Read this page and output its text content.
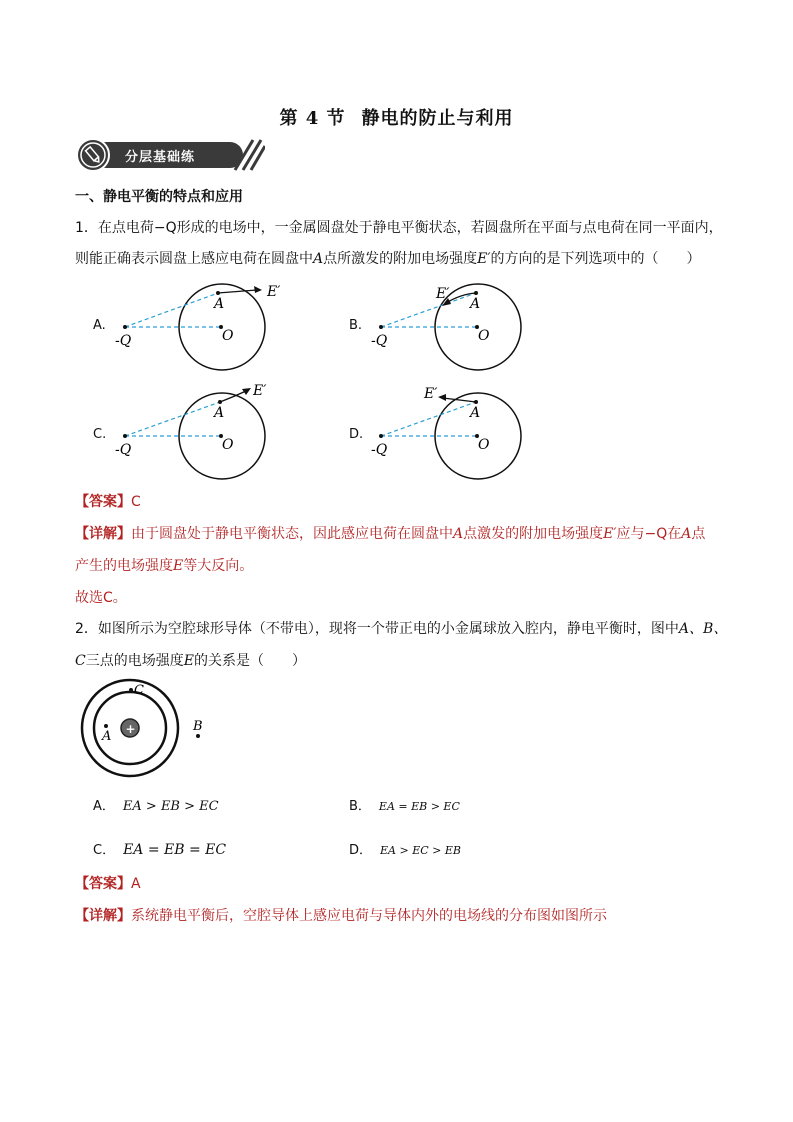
第 4 节 静电的防止与利用
分层基础练
一、静电平衡的特点和应用
1．在点电荷−Q形成的电场中，一金属圆盘处于静电平衡状态，若圆盘所在平面与点电荷在同一平面内，
则能正确表示圆盘上感应电荷在圆盘中A点所激发的附加电场强度E′的方向的是下列选项中的（　　）
A.
-Q
A
O
E′
B.
-Q
A
O
E′
C.
-Q
A
O
E′
D.
-Q
A
O
E′
【答案】C
【详解】由于圆盘处于静电平衡状态，因此感应电荷在圆盘中A点激发的附加电场强度E′应与−Q在A点
产生的电场强度E等大反向。
故选C。
2．如图所示为空腔球形导体（不带电），现将一个带正电的小金属球放入腔内，静电平衡时，图中A、B、
C三点的电场强度E的关系是（　　）
+
C
A
B
A． EA > EB > EC	B． EA = EB > EC
C． EA = EB = EC	D． EA > EC > EB
【答案】A
【详解】系统静电平衡后，空腔导体上感应电荷与导体内外的电场线的分布图如图所示
